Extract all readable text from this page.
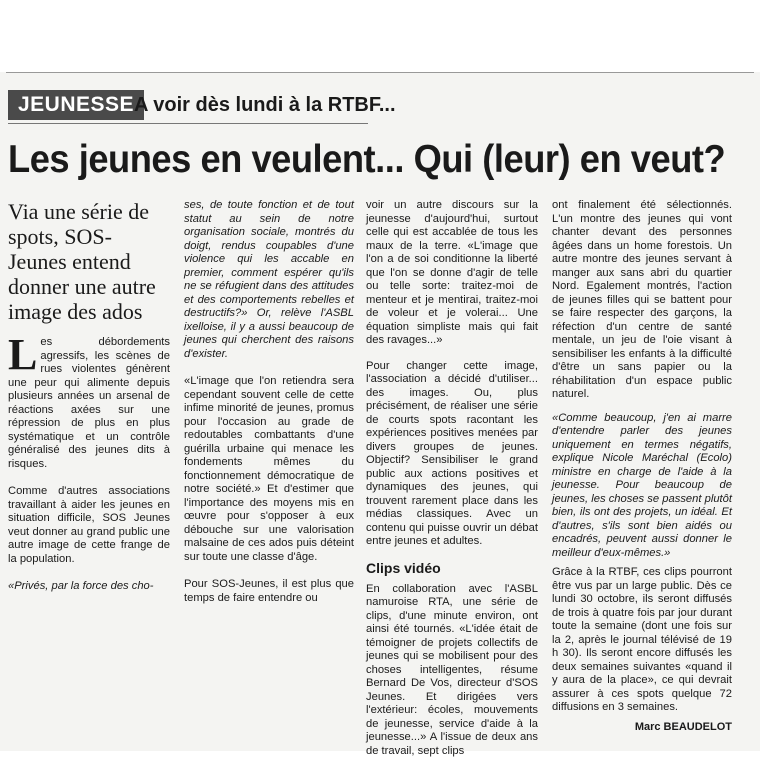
JEUNESSE A voir dès lundi à la RTBF...
Les jeunes en veulent... Qui (leur) en veut?
Via une série de spots, SOS-Jeunes entend donner une autre image des ados

Les débordements agressifs, les scènes de rues violentes génèrent une peur qui alimente depuis plusieurs années un arsenal de réactions axées sur une répression de plus en plus systématique et un contrôle généralisé des jeunes dits à risques.

Comme d'autres associations travaillant à aider les jeunes en situation difficile, SOS Jeunes veut donner au grand public une autre image de cette frange de la population.

«Privés, par la force des cho-

ses, de toute fonction et de tout statut au sein de notre organisation sociale, montrés du doigt, rendus coupables d'une violence qui les accable en premier, comment espérer qu'ils ne se réfugient dans des attitudes et des comportements rebelles et destructifs?» Or, relève l'ASBL ixelloise, il y a aussi beaucoup de jeunes qui cherchent des raisons d'exister.

«L'image que l'on retiendra sera cependant souvent celle de cette infime minorité de jeunes, promus pour l'occasion au grade de redoutables combattants d'une guérilla urbaine qui menace les fondements mêmes du fonctionnement démocratique de notre société.» Et d'estimer que l'importance des moyens mis en œuvre pour s'opposer à eux débouche sur une valorisation malsaine de ces ados puis déteint sur toute une classe d'âge.

Pour SOS-Jeunes, il est plus que temps de faire entendre ou

voir un autre discours sur la jeunesse d'aujourd'hui, surtout celle qui est accablée de tous les maux de la terre. «L'image que l'on a de soi conditionne la liberté que l'on se donne d'agir de telle ou telle sorte: traitez-moi de menteur et je mentirai, traitez-moi de voleur et je volerai... Une équation simpliste mais qui fait des ravages...»

Pour changer cette image, l'association a décidé d'utiliser... des images. Ou, plus précisément, de réaliser une série de courts spots racontant les expériences positives menées par divers groupes de jeunes. Objectif? Sensibiliser le grand public aux actions positives et dynamiques des jeunes, qui trouvent rarement place dans les médias classiques. Avec un contenu qui puisse ouvrir un débat entre jeunes et adultes.

Clips vidéo

En collaboration avec l'ASBL namuroise RTA, une série de clips, d'une minute environ, ont ainsi été tournés. «L'idée était de témoigner de projets collectifs de jeunes qui se mobilisent pour des choses intelligentes, résume Bernard De Vos, directeur d'SOS Jeunes. Et dirigées vers l'extérieur: écoles, mouvements de jeunesse, service d'aide à la jeunesse...» A l'issue de deux ans de travail, sept clips

ont finalement été sélectionnés. L'un montre des jeunes qui vont chanter devant des personnes âgées dans un home forestois. Un autre montre des jeunes servant à manger aux sans abri du quartier Nord. Egalement montrés, l'action de jeunes filles qui se battent pour se faire respecter des garçons, la réfection d'un centre de santé mentale, un jeu de l'oie visant à sensibiliser les enfants à la difficulté d'être un sans papier ou la réhabilitation d'un espace public naturel.

«Comme beaucoup, j'en ai marre d'entendre parler des jeunes uniquement en termes négatifs, explique Nicole Maréchal (Ecolo) ministre en charge de l'aide à la jeunesse. Pour beaucoup de jeunes, les choses se passent plutôt bien, ils ont des projets, un idéal. Et d'autres, s'ils sont bien aidés ou encadrés, peuvent aussi donner le meilleur d'eux-mêmes.»

Grâce à la RTBF, ces clips pourront être vus par un large public. Dès ce lundi 30 octobre, ils seront diffusés de trois à quatre fois par jour durant toute la semaine (dont une fois sur la 2, après le journal télévisé de 19 h 30). Ils seront encore diffusés les deux semaines suivantes «quand il y aura de la place», ce qui devrait assurer à ces spots quelque 72 diffusions en 3 semaines.

Marc BEAUDELOT
